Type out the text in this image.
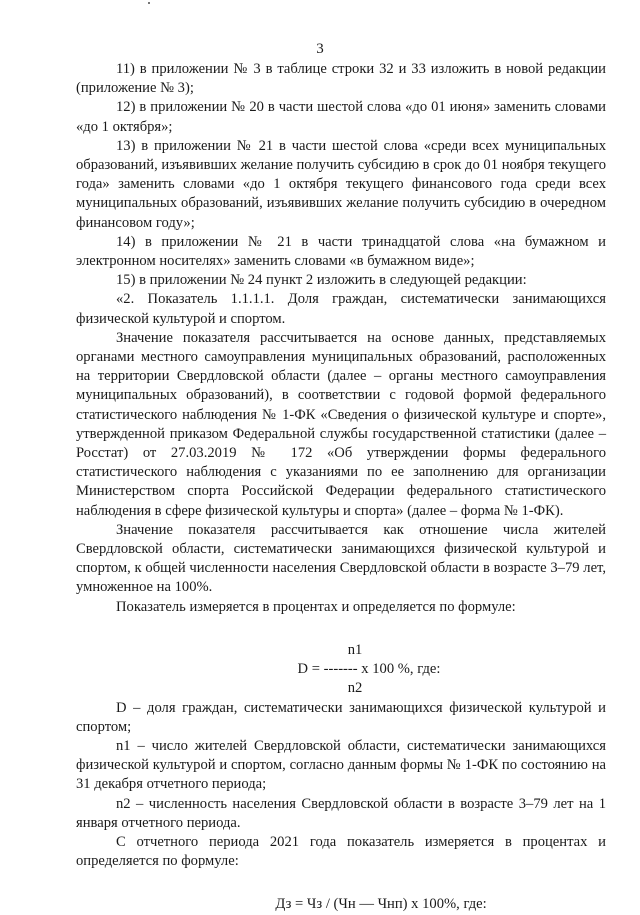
3

11) в приложении № 3 в таблице строки 32 и 33 изложить в новой редакции (приложение № 3);

12) в приложении № 20 в части шестой слова «до 01 июня» заменить словами «до 1 октября»;

13) в приложении № 21 в части шестой слова «среди всех муниципальных образований, изъявивших желание получить субсидию в срок до 01 ноября текущего года» заменить словами «до 1 октября текущего финансового года среди всех муниципальных образований, изъявивших желание получить субсидию в очередном финансовом году»;

14) в приложении № 21 в части тринадцатой слова «на бумажном и электронном носителях» заменить словами «в бумажном виде»;

15) в приложении № 24 пункт 2 изложить в следующей редакции:

«2. Показатель 1.1.1.1. Доля граждан, систематически занимающихся физической культурой и спортом.

Значение показателя рассчитывается на основе данных, представляемых органами местного самоуправления муниципальных образований, расположенных на территории Свердловской области (далее – органы местного самоуправления муниципальных образований), в соответствии с годовой формой федерального статистического наблюдения № 1-ФК «Сведения о физической культуре и спорте», утвержденной приказом Федеральной службы государственной статистики (далее – Росстат) от 27.03.2019 № 172 «Об утверждении формы федерального статистического наблюдения с указаниями по ее заполнению для организации Министерством спорта Российской Федерации федерального статистического наблюдения в сфере физической культуры и спорта» (далее – форма № 1-ФК).

Значение показателя рассчитывается как отношение числа жителей Свердловской области, систематически занимающихся физической культурой и спортом, к общей численности населения Свердловской области в возрасте 3–79 лет, умноженное на 100%.

Показатель измеряется в процентах и определяется по формуле:

n1

D = ------- x 100 %, где:

n2

D – доля граждан, систематически занимающихся физической культурой и спортом;

n1 – число жителей Свердловской области, систематически занимающихся физической культурой и спортом, согласно данным формы № 1-ФК по состоянию на 31 декабря отчетного периода;

n2 – численность населения Свердловской области в возрасте 3–79 лет на 1 января отчетного периода.

С отчетного периода 2021 года показатель измеряется в процентах и определяется по формуле:

Дз = Чз / (Чн — Чнп) x 100%, где:
